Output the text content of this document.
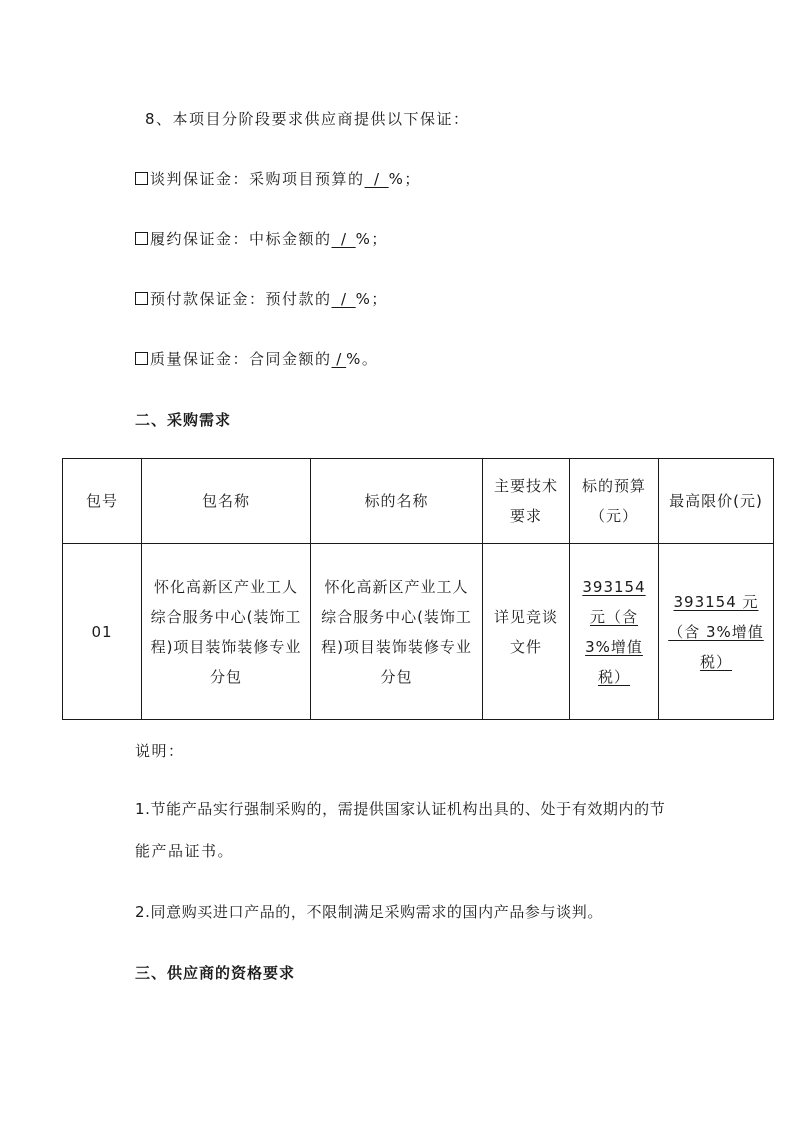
8、本项目分阶段要求供应商提供以下保证：
谈判保证金：采购项目预算的  /  %；
履约保证金：中标金额的  /  %；
预付款保证金：预付款的  /  %；
质量保证金：合同金额的 / %。
二、采购需求
包号	包名称	标的名称	主要技术要求	标的预算（元）	最高限价(元)
01	怀化高新区产业工人综合服务中心(装饰工程)项目装饰装修专业分包	怀化高新区产业工人综合服务中心(装饰工程)项目装饰装修专业分包	详见竞谈文件	393154 元（含 3%增值税）	393154 元（含 3%增值税）
说明：
1.节能产品实行强制采购的，需提供国家认证机构出具的、处于有效期内的节
能产品证书。
2.同意购买进口产品的，不限制满足采购需求的国内产品参与谈判。
三、供应商的资格要求
